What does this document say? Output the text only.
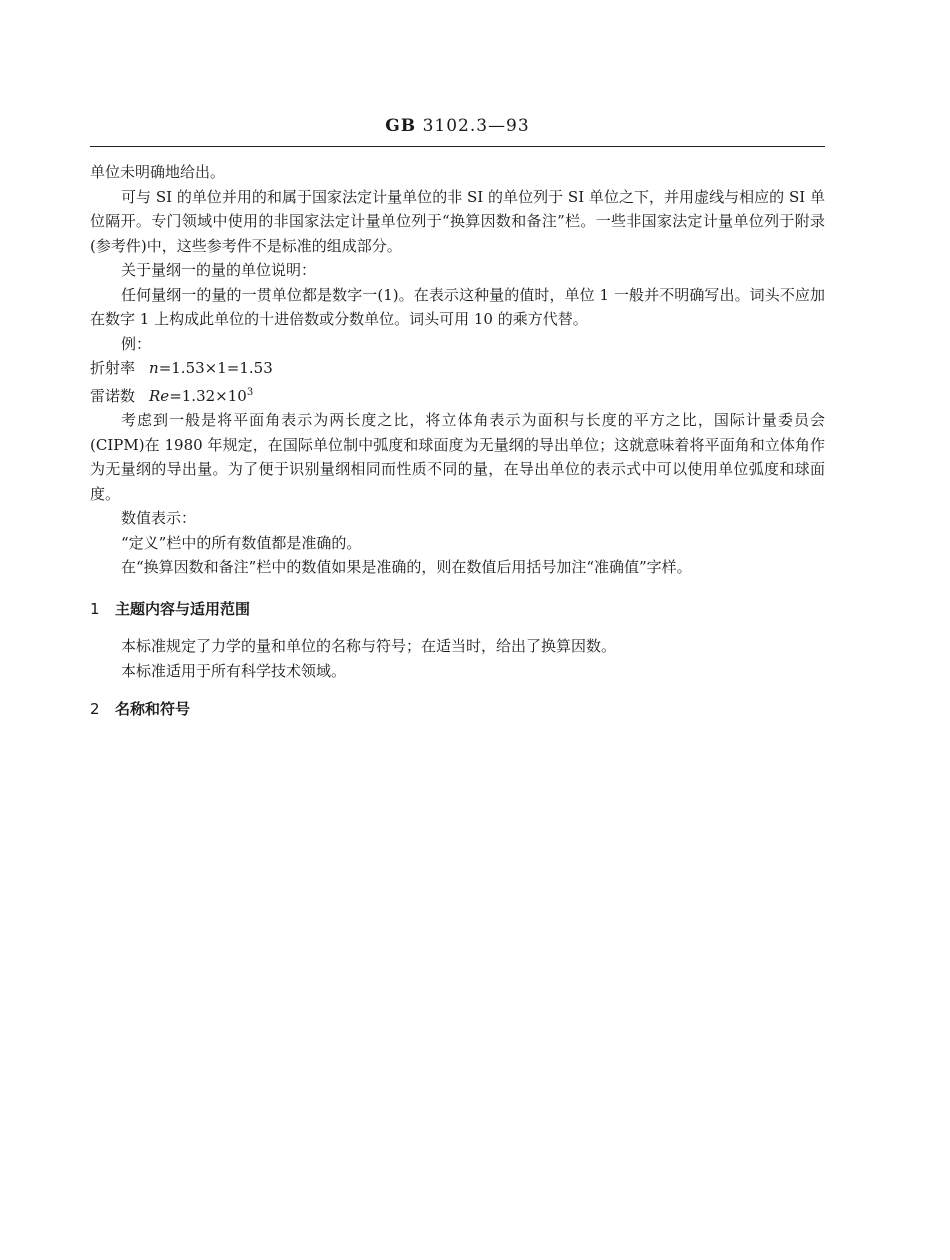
GB 3102.3—93

单位未明确地给出。

可与 SI 的单位并用的和属于国家法定计量单位的非 SI 的单位列于 SI 单位之下，并用虚线与相应的 SI 单位隔开。专门领域中使用的非国家法定计量单位列于“换算因数和备注”栏。一些非国家法定计量单位列于附录(参考件)中，这些参考件不是标准的组成部分。

关于量纲一的量的单位说明：

任何量纲一的量的一贯单位都是数字一(1)。在表示这种量的值时，单位 1 一般并不明确写出。词头不应加在数字 1 上构成此单位的十进倍数或分数单位。词头可用 10 的乘方代替。

例：

折射率 n=1.53×1=1.53

雷诺数 $Re=1.32\times 10^3$

考虑到一般是将平面角表示为两长度之比，将立体角表示为面积与长度的平方之比，国际计量委员会(CIPM)在 1980 年规定，在国际单位制中弧度和球面度为无量纲的导出单位；这就意味着将平面角和立体角作为无量纲的导出量。为了便于识别量纲相同而性质不同的量，在导出单位的表示式中可以使用单位弧度和球面度。

数值表示：

“定义”栏中的所有数值都是准确的。

在“换算因数和备注”栏中的数值如果是准确的，则在数值后用括号加注“准确值”字样。

1 主题内容与适用范围

本标准规定了力学的量和单位的名称与符号；在适当时，给出了换算因数。

本标准适用于所有科学技术领域。

2 名称和符号
